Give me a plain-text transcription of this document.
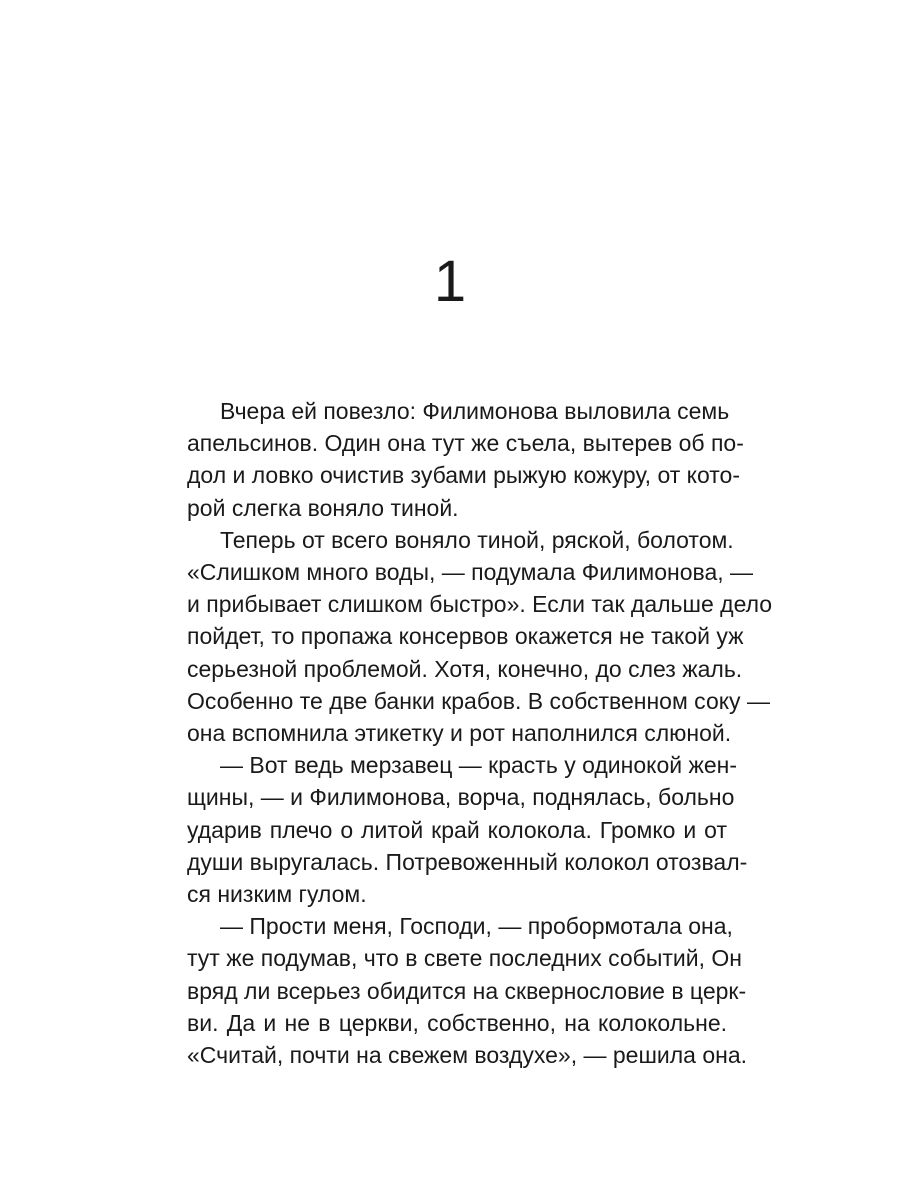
1

Вчера ей повезло: Филимонова выловила семь
апельсинов. Один она тут же съела, вытерев об по-
дол и ловко очистив зубами рыжую кожуру, от кото-
рой слегка воняло тиной.

Теперь от всего воняло тиной, ряской, болотом.
«Слишком много воды, — подумала Филимонова, —
и прибывает слишком быстро». Если так дальше дело
пойдет, то пропажа консервов окажется не такой уж
серьезной проблемой. Хотя, конечно, до слез жаль.
Особенно те две банки крабов. В собственном соку —
она вспомнила этикетку и рот наполнился слюной.

— Вот ведь мерзавец — красть у одинокой жен-
щины, — и Филимонова, ворча, поднялась, больно
ударив плечо о литой край колокола. Громко и от
души выругалась. Потревоженный колокол отозвал-
ся низким гулом.

— Прости меня, Господи, — пробормотала она,
тут же подумав, что в свете последних событий, Он
вряд ли всерьез обидится на сквернословие в церк-
ви. Да и не в церкви, собственно, на колокольне.
«Считай, почти на свежем воздухе», — решила она.
